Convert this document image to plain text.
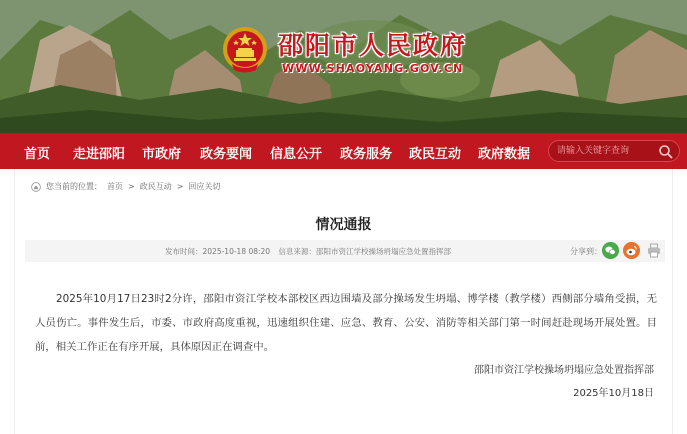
邵阳市人民政府
WWW.SHAOYANG.GOV.CN
首页 走进邵阳 市政府 政务要闻 信息公开 政务服务 政民互动 政府数据
请输入关键字查询
您当前的位置： 首页 > 政民互动 > 回应关切
情况通报
发布时间：2025-10-18 08:20 信息来源：邵阳市资江学校操场坍塌应急处置指挥部	分享到：

2025年10月17日23时2分许，邵阳市资江学校本部校区西边围墙及部分操场发生坍塌、博学楼（教学楼）西侧部分墙角受损，无人员伤亡。事件发生后，市委、市政府高度重视，迅速组织住建、应急、教育、公安、消防等相关部门第一时间赶赴现场开展处置。目前，相关工作正在有序开展，具体原因正在调查中。

邵阳市资江学校操场坍塌应急处置指挥部
2025年10月18日
